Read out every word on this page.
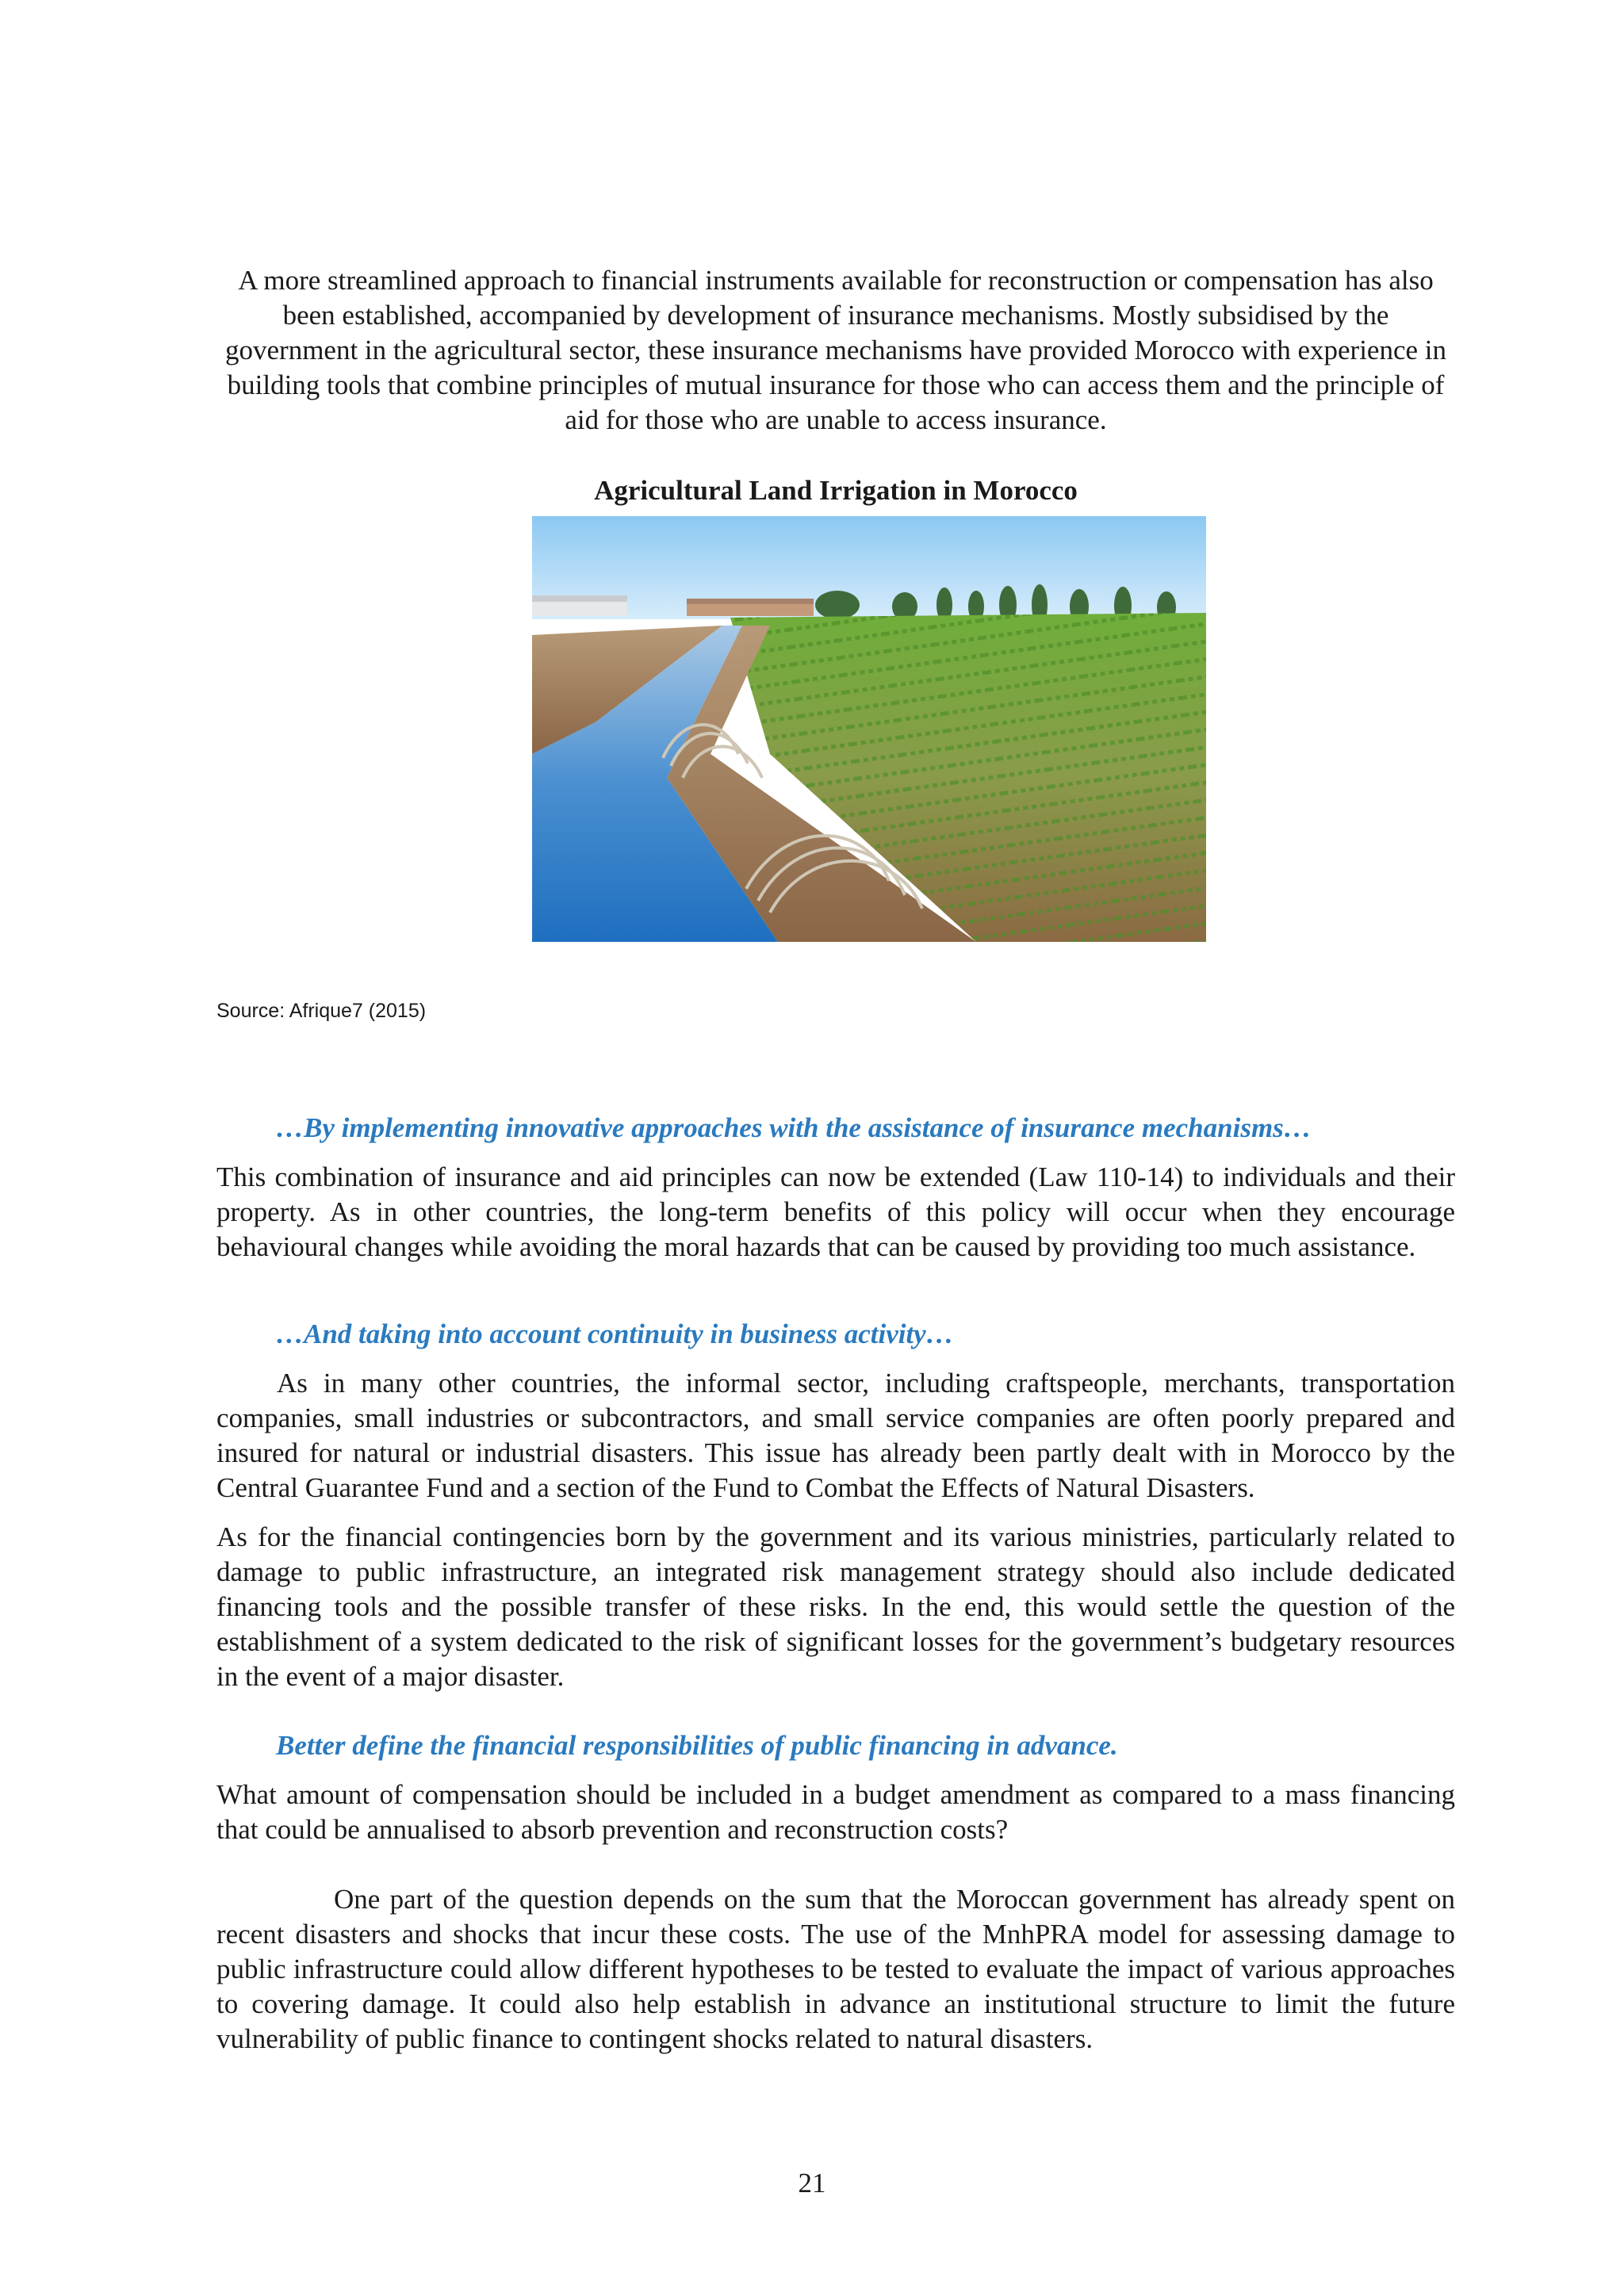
A more streamlined approach to financial instruments available for reconstruction or compensation has also been established, accompanied by development of insurance mechanisms. Mostly subsidised by the government in the agricultural sector, these insurance mechanisms have provided Morocco with experience in building tools that combine principles of mutual insurance for those who can access them and the principle of aid for those who are unable to access insurance.

Agricultural Land Irrigation in Morocco

Source: Afrique7 (2015)

…By implementing innovative approaches with the assistance of insurance mechanisms…

This combination of insurance and aid principles can now be extended (Law 110-14) to individuals and their property. As in other countries, the long-term benefits of this policy will occur when they encourage behavioural changes while avoiding the moral hazards that can be caused by providing too much assistance.

…And taking into account continuity in business activity…

As in many other countries, the informal sector, including craftspeople, merchants, transportation companies, small industries or subcontractors, and small service companies are often poorly prepared and insured for natural or industrial disasters. This issue has already been partly dealt with in Morocco by the Central Guarantee Fund and a section of the Fund to Combat the Effects of Natural Disasters.

As for the financial contingencies born by the government and its various ministries, particularly related to damage to public infrastructure, an integrated risk management strategy should also include dedicated financing tools and the possible transfer of these risks. In the end, this would settle the question of the establishment of a system dedicated to the risk of significant losses for the government’s budgetary resources in the event of a major disaster.

Better define the financial responsibilities of public financing in advance.

What amount of compensation should be included in a budget amendment as compared to a mass financing that could be annualised to absorb prevention and reconstruction costs?

One part of the question depends on the sum that the Moroccan government has already spent on recent disasters and shocks that incur these costs. The use of the MnhPRA model for assessing damage to public infrastructure could allow different hypotheses to be tested to evaluate the impact of various approaches to covering damage. It could also help establish in advance an institutional structure to limit the future vulnerability of public finance to contingent shocks related to natural disasters.

21
